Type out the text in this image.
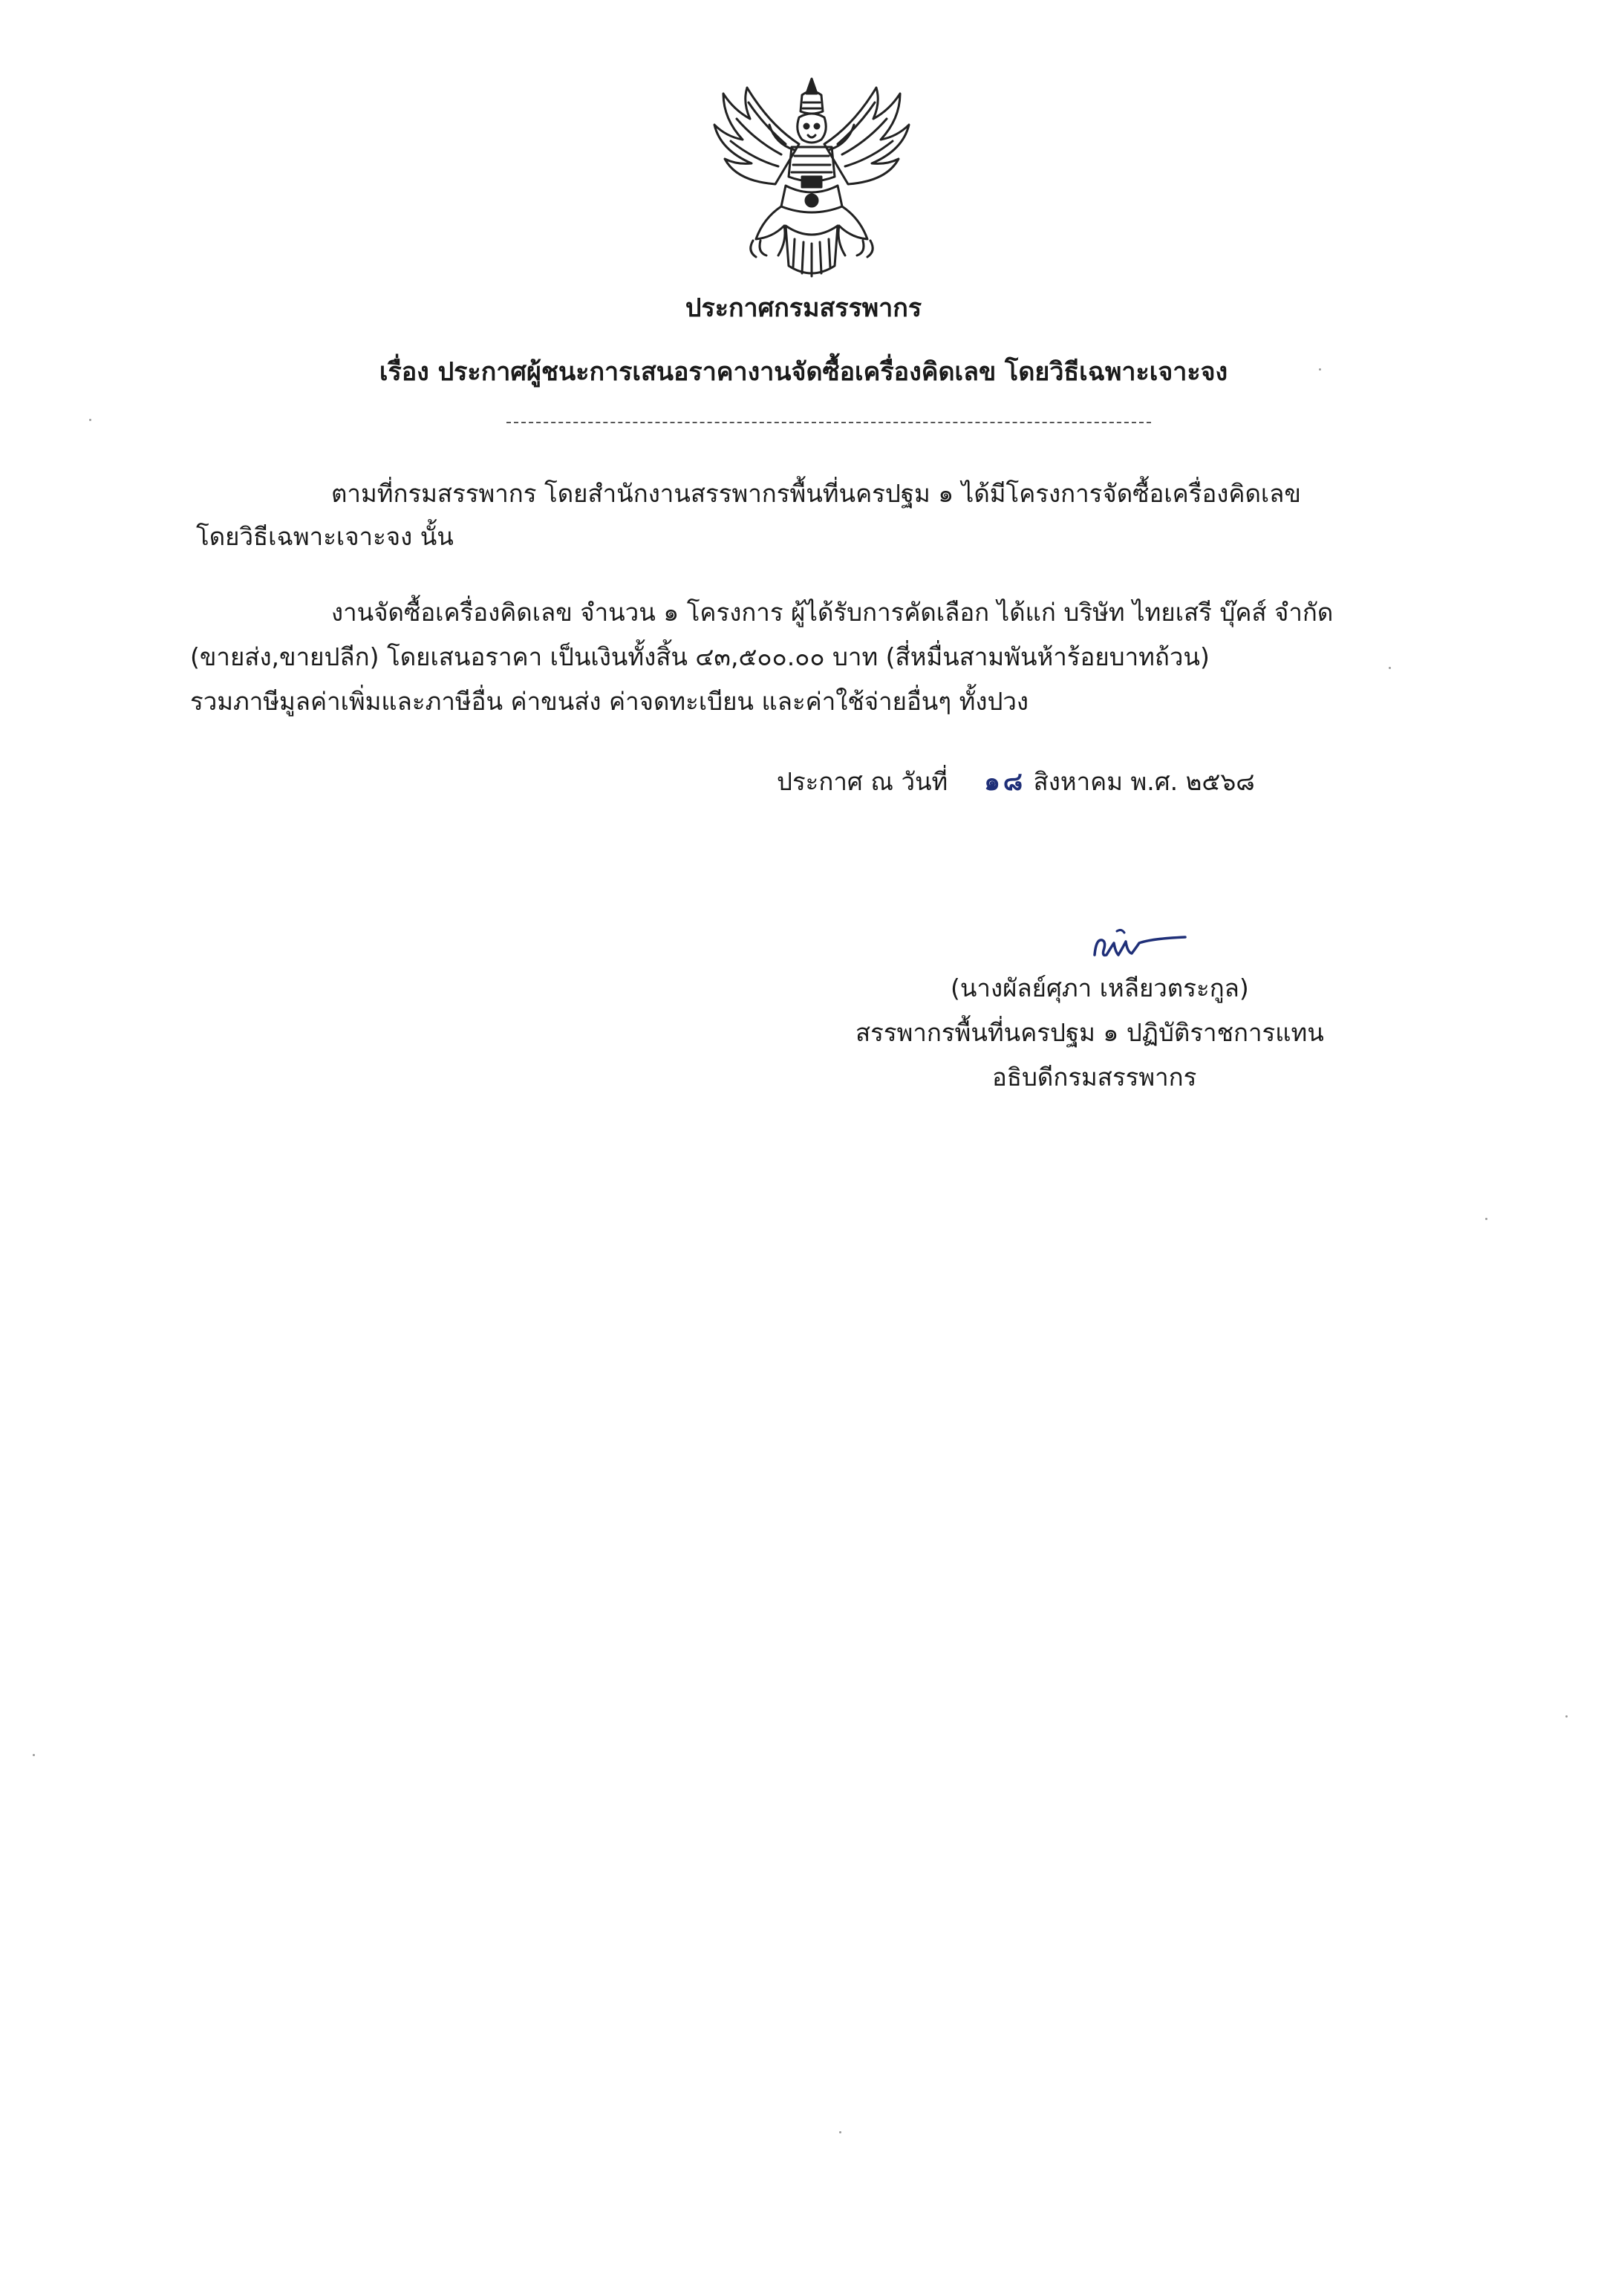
ประกาศกรมสรรพากร
เรื่อง ประกาศผู้ชนะการเสนอราคางานจัดซื้อเครื่องคิดเลข โดยวิธีเฉพาะเจาะจง
ตามที่กรมสรรพากร โดยสำนักงานสรรพากรพื้นที่นครปฐม ๑ ได้มีโครงการจัดซื้อเครื่องคิดเลข
โดยวิธีเฉพาะเจาะจง นั้น
งานจัดซื้อเครื่องคิดเลข จำนวน ๑ โครงการ ผู้ได้รับการคัดเลือก ได้แก่ บริษัท ไทยเสรี บุ๊คส์ จำกัด
(ขายส่ง,ขายปลีก) โดยเสนอราคา เป็นเงินทั้งสิ้น ๔๓,๕๐๐.๐๐ บาท (สี่หมื่นสามพันห้าร้อยบาทถ้วน)
รวมภาษีมูลค่าเพิ่มและภาษีอื่น ค่าขนส่ง ค่าจดทะเบียน และค่าใช้จ่ายอื่นๆ ทั้งปวง
ประกาศ ณ วันที่ ๑๘ สิงหาคม พ.ศ. ๒๕๖๘
(นางผัลย์ศุภา เหลียวตระกูล)
สรรพากรพื้นที่นครปฐม ๑ ปฏิบัติราชการแทน
อธิบดีกรมสรรพากร
